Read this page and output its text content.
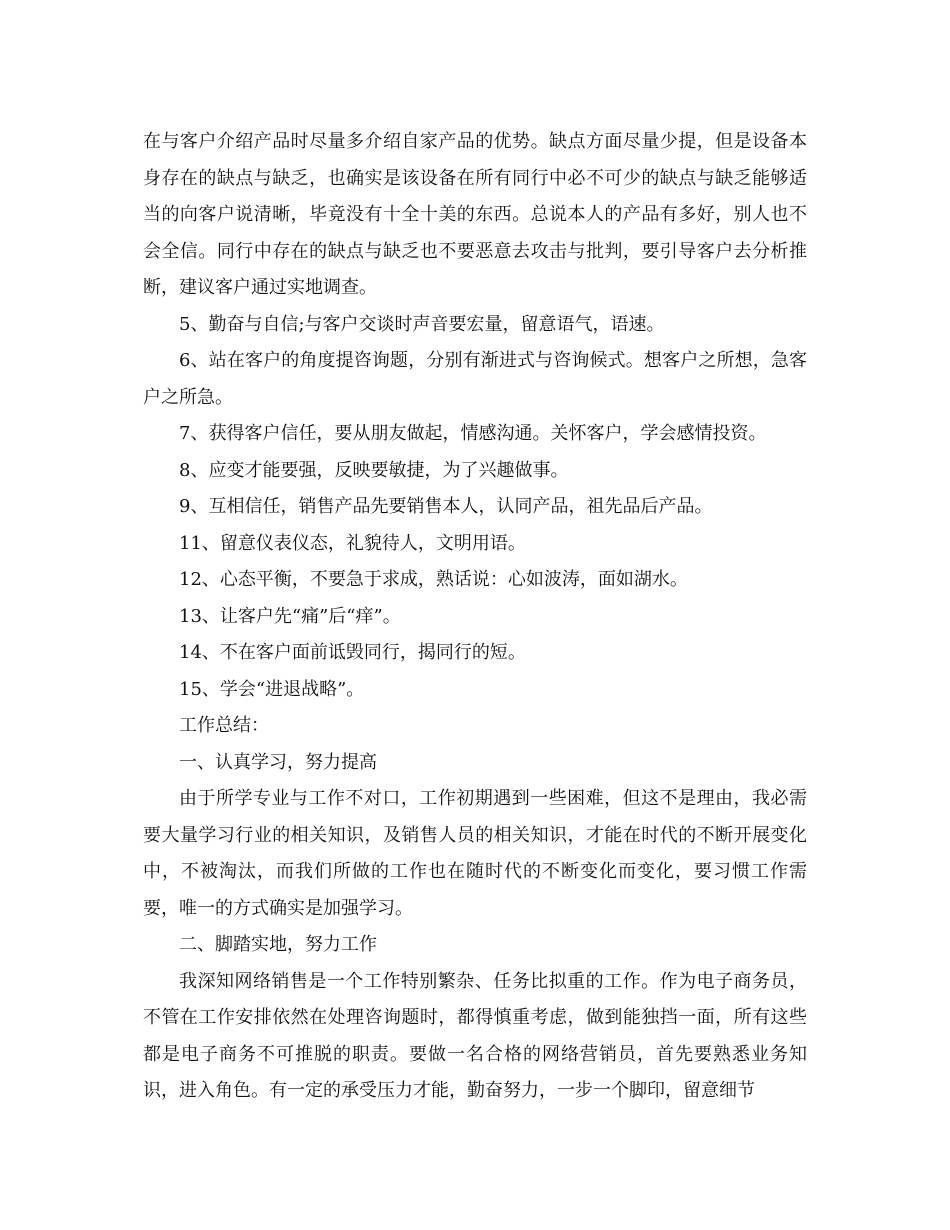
在与客户介绍产品时尽量多介绍自家产品的优势。缺点方面尽量少提，但是设备本身存在的缺点与缺乏，也确实是该设备在所有同行中必不可少的缺点与缺乏能够适当的向客户说清晰，毕竟没有十全十美的东西。总说本人的产品有多好，别人也不会全信。同行中存在的缺点与缺乏也不要恶意去攻击与批判，要引导客户去分析推断，建议客户通过实地调查。

5、勤奋与自信;与客户交谈时声音要宏量，留意语气，语速。

6、站在客户的角度提咨询题，分别有渐进式与咨询候式。想客户之所想，急客户之所急。

7、获得客户信任，要从朋友做起，情感沟通。关怀客户，学会感情投资。

8、应变才能要强，反映要敏捷，为了兴趣做事。

9、互相信任，销售产品先要销售本人，认同产品，祖先品后产品。

11、留意仪表仪态，礼貌待人，文明用语。

12、心态平衡，不要急于求成，熟话说：心如波涛，面如湖水。

13、让客户先“痛”后“痒”。

14、不在客户面前诋毁同行，揭同行的短。

15、学会“进退战略”。

工作总结：

一、认真学习，努力提高

由于所学专业与工作不对口，工作初期遇到一些困难，但这不是理由，我必需要大量学习行业的相关知识，及销售人员的相关知识，才能在时代的不断开展变化中，不被淘汰，而我们所做的工作也在随时代的不断变化而变化，要习惯工作需要，唯一的方式确实是加强学习。

二、脚踏实地，努力工作

我深知网络销售是一个工作特别繁杂、任务比拟重的工作。作为电子商务员，不管在工作安排依然在处理咨询题时，都得慎重考虑，做到能独挡一面，所有这些都是电子商务不可推脱的职责。要做一名合格的网络营销员，首先要熟悉业务知识，进入角色。有一定的承受压力才能，勤奋努力，一步一个脚印，留意细节
